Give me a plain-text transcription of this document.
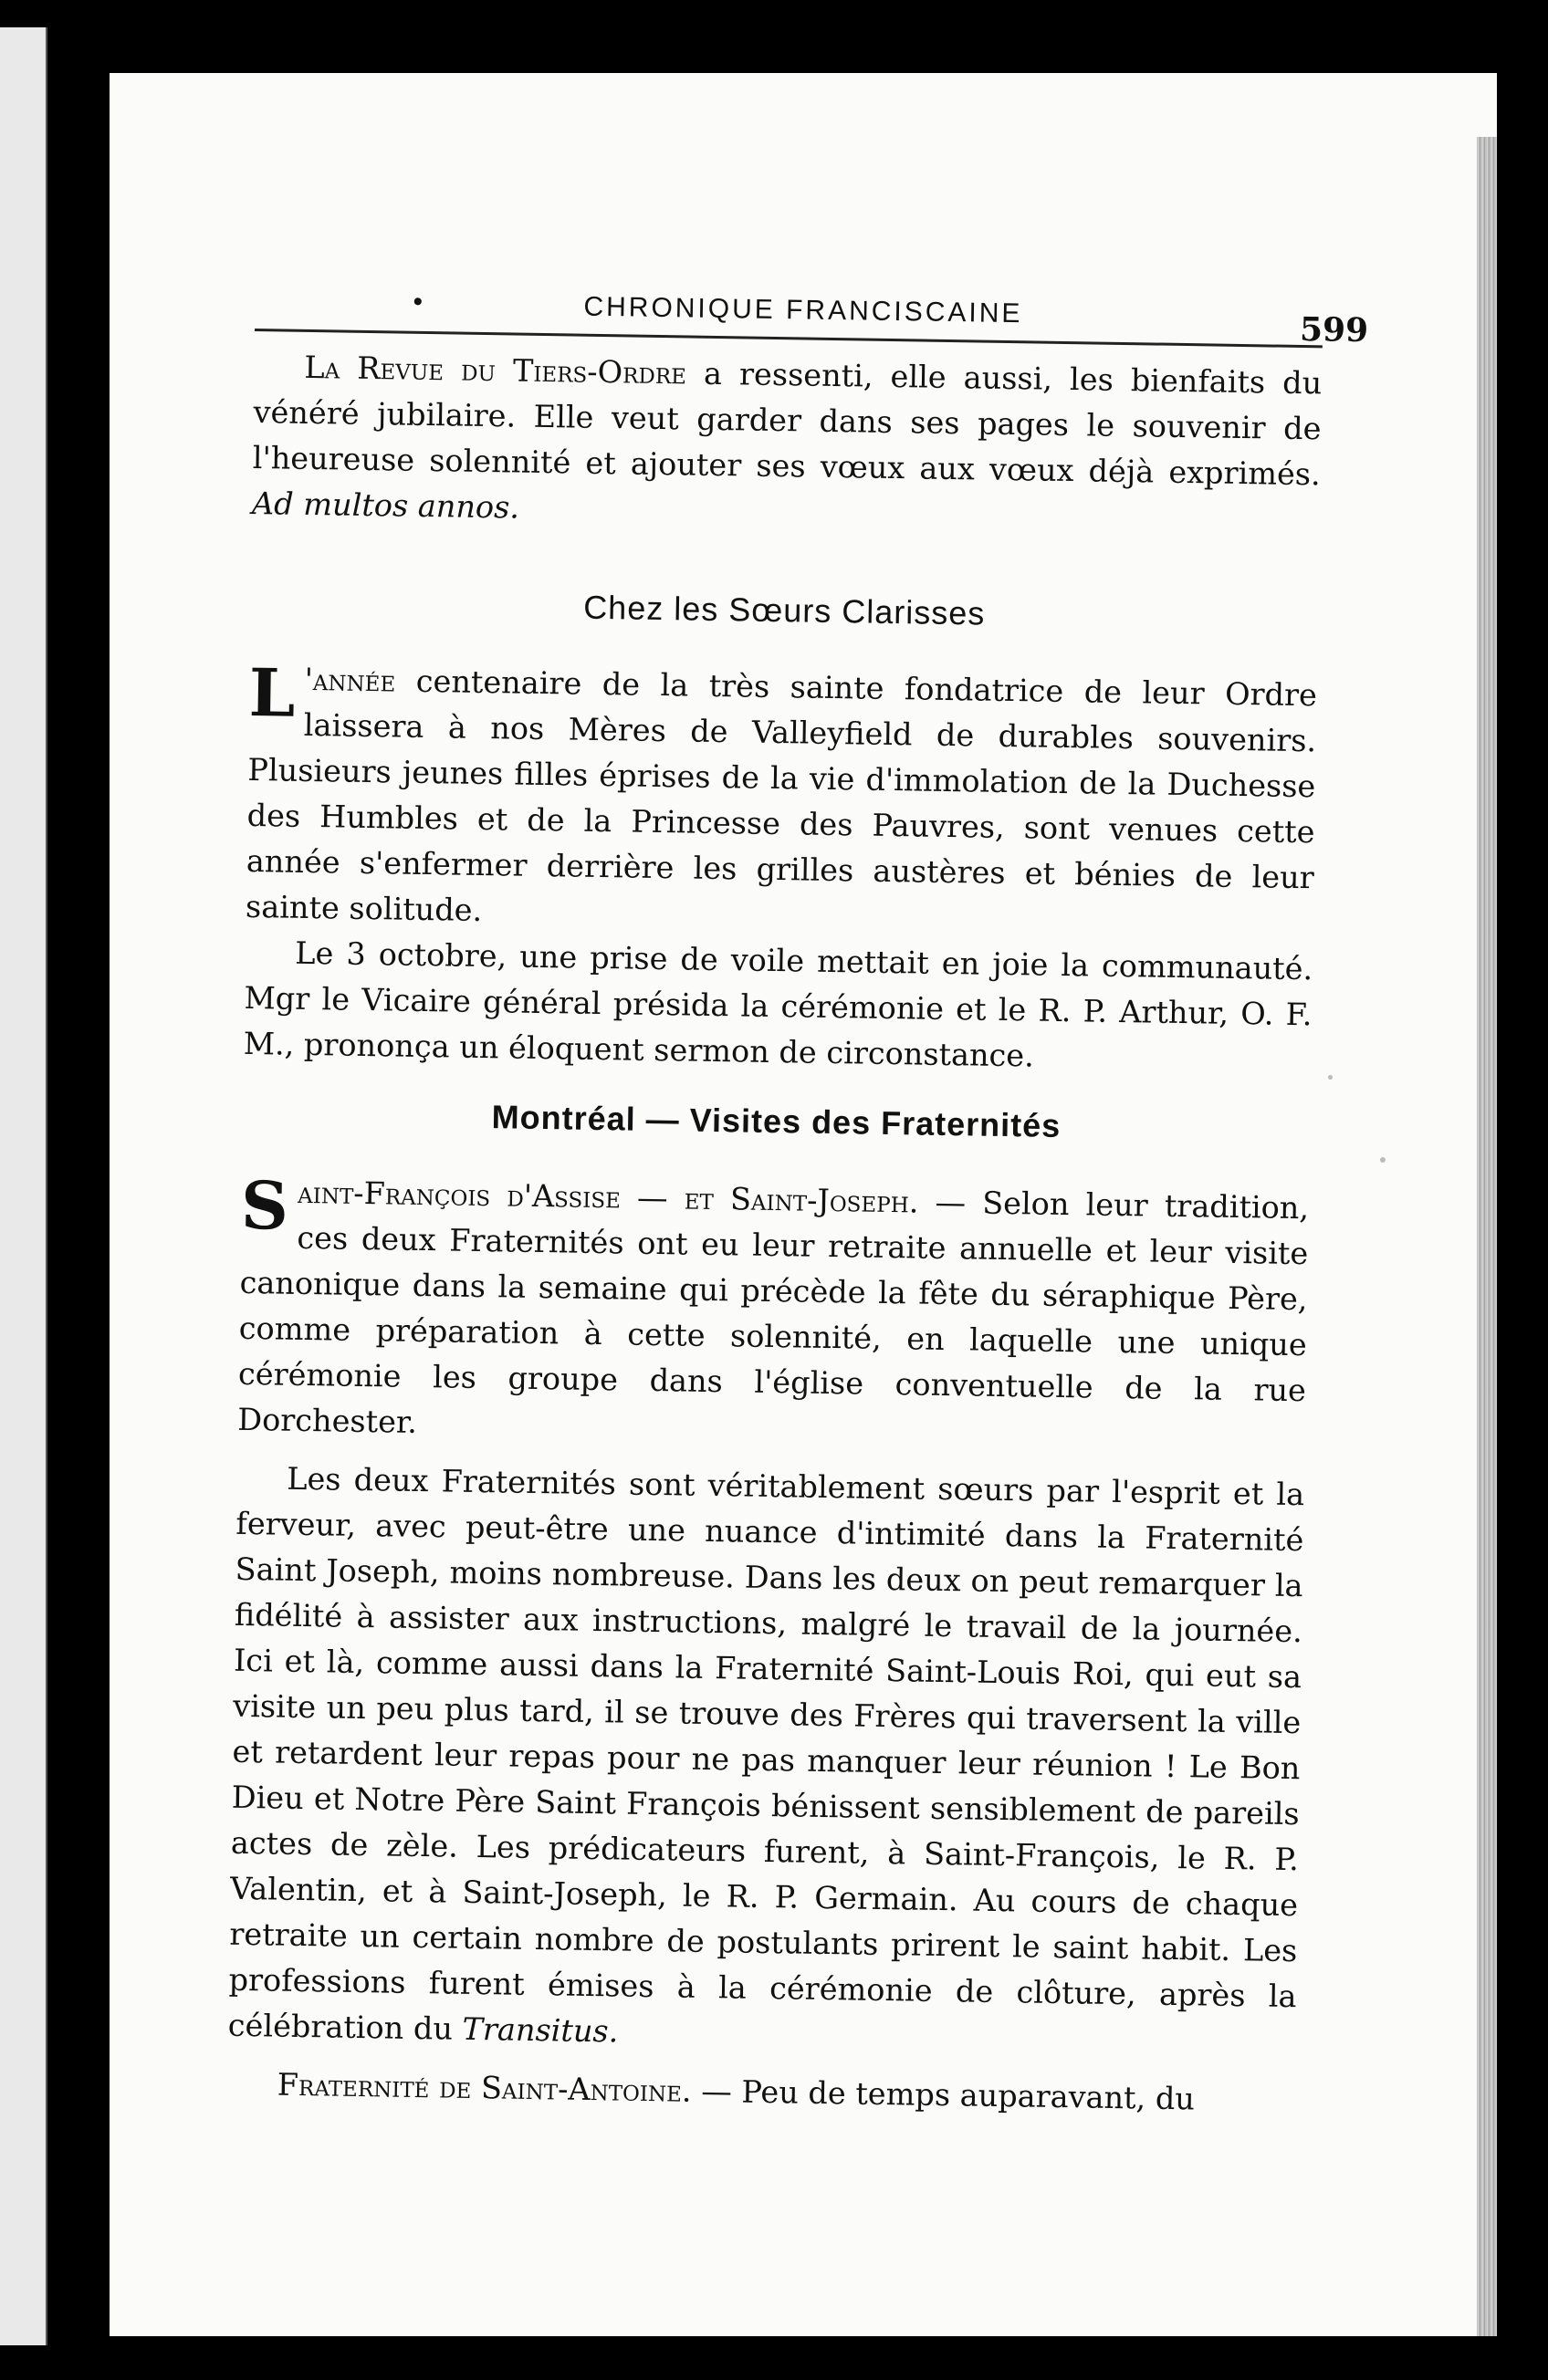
•	CHRONIQUE FRANCISCAINE
599

La Revue du Tiers-Ordre a ressenti, elle aussi, les bienfaits du vénéré jubilaire. Elle veut garder dans ses pages le souvenir de l'heureuse solennité et ajouter ses vœux aux vœux déjà exprimés. Ad multos annos.

Chez les Sœurs Clarisses

L 'année centenaire de la très sainte fondatrice de leur Ordre laissera à nos Mères de Valleyfield de durables souvenirs. Plusieurs jeunes filles éprises de la vie d'immolation de la Duchesse des Humbles et de la Princesse des Pauvres, sont venues cette année s'enfermer derrière les grilles austères et bénies de leur sainte solitude.

Le 3 octobre, une prise de voile mettait en joie la communauté. Mgr le Vicaire général présida la cérémonie et le R. P. Arthur, O. F. M., prononça un éloquent sermon de circonstance.

Montréal — Visites des Fraternités

Saint-François d'Assise — et Saint-Joseph. — Selon leur tradition, ces deux Fraternités ont eu leur retraite annuelle et leur visite canonique dans la semaine qui précède la fête du séraphique Père, comme préparation à cette solennité, en laquelle une unique cérémonie les groupe dans l'église conventuelle de la rue Dorchester.

Les deux Fraternités sont véritablement sœurs par l'esprit et la ferveur, avec peut-être une nuance d'intimité dans la Fraternité Saint Joseph, moins nombreuse. Dans les deux on peut remarquer la fidélité à assister aux instructions, malgré le travail de la journée. Ici et là, comme aussi dans la Fraternité Saint-Louis Roi, qui eut sa visite un peu plus tard, il se trouve des Frères qui traversent la ville et retardent leur repas pour ne pas manquer leur réunion ! Le Bon Dieu et Notre Père Saint François bénissent sensiblement de pareils actes de zèle. Les prédicateurs furent, à Saint-François, le R. P. Valentin, et à Saint-Joseph, le R. P. Germain. Au cours de chaque retraite un certain nombre de postulants prirent le saint habit. Les professions furent émises à la cérémonie de clôture, après la célébration du Transitus.

Fraternité de Saint-Antoine. — Peu de temps auparavant, du
